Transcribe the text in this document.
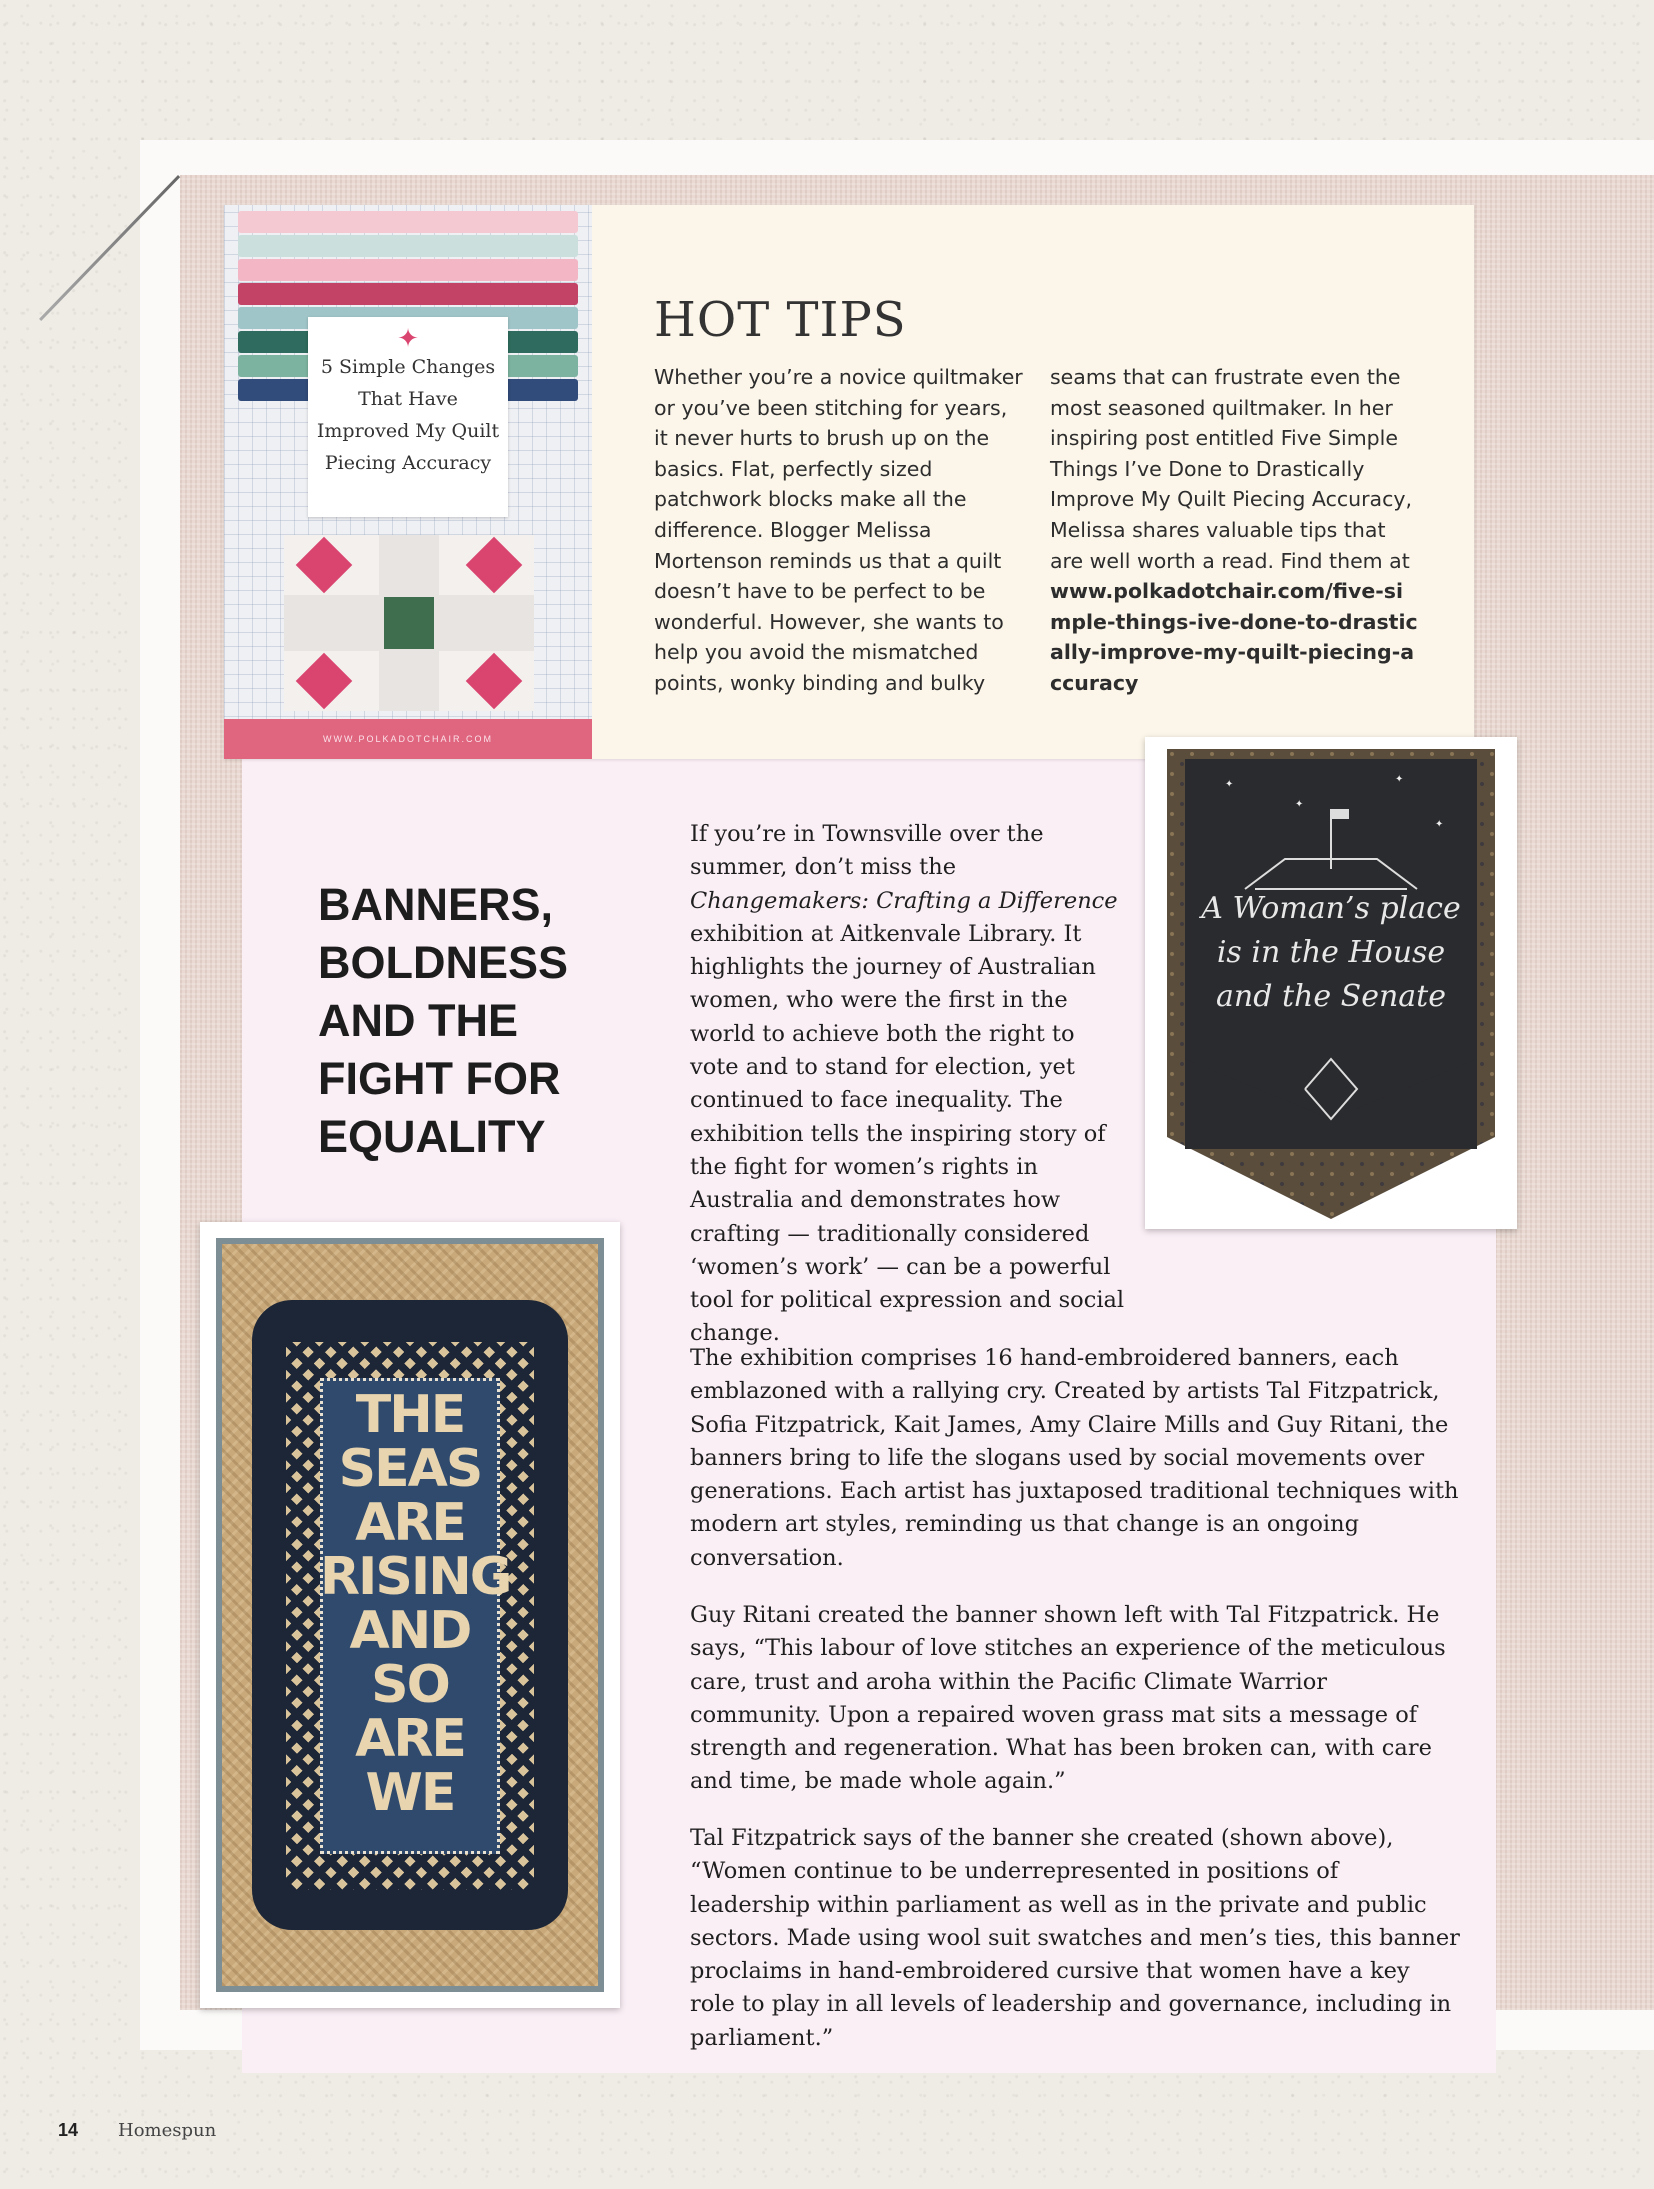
✦
5 Simple Changes That Have Improved My Quilt Piecing Accuracy
WWW.POLKADOTCHAIR.COM
HOT TIPS
Whether you’re a novice quiltmaker or you’ve been stitching for years, it never hurts to brush up on the basics. Flat, perfectly sized patchwork blocks make all the difference. Blogger Melissa Mortenson reminds us that a quilt doesn’t have to be perfect to be wonderful. However, she wants to help you avoid the mismatched points, wonky binding and bulky
seams that can frustrate even the most seasoned quiltmaker. In her inspiring post entitled Five Simple Things I’ve Done to Drastically Improve My Quilt Piecing Accuracy, Melissa shares valuable tips that are well worth a read. Find them at www.polkadotchair.com/five-simple-things-ive-done-to-drastically-improve-my-quilt-piecing-accuracy
BANNERS, BOLDNESS AND THE FIGHT FOR EQUALITY
✦
✦
✦
✦
A Woman’s place is in the House and the Senate
THE SEAS ARE RISING AND SO ARE WE

If you’re in Townsville over the summer, don’t miss the Changemakers: Crafting a Difference exhibition at Aitkenvale Library. It highlights the journey of Australian women, who were the first in the world to achieve both the right to vote and to stand for election, yet continued to face inequality. The exhibition tells the inspiring story of the fight for women’s rights in Australia and demonstrates how crafting — traditionally considered ‘women’s work’ — can be a powerful tool for political expression and social change.

The exhibition comprises 16 hand-embroidered banners, each emblazoned with a rallying cry. Created by artists Tal Fitzpatrick, Sofia Fitzpatrick, Kait James, Amy Claire Mills and Guy Ritani, the banners bring to life the slogans used by social movements over generations. Each artist has juxtaposed traditional techniques with modern art styles, reminding us that change is an ongoing conversation.

Guy Ritani created the banner shown left with Tal Fitzpatrick. He says, “This labour of love stitches an experience of the meticulous care, trust and aroha within the Pacific Climate Warrior community. Upon a repaired woven grass mat sits a message of strength and regeneration. What has been broken can, with care and time, be made whole again.”

Tal Fitzpatrick says of the banner she created (shown above), “Women continue to be underrepresented in positions of leadership within parliament as well as in the private and public sectors. Made using wool suit swatches and men’s ties, this banner proclaims in hand-embroidered cursive that women have a key role to play in all levels of leadership and governance, including in parliament.”

14 Homespun
